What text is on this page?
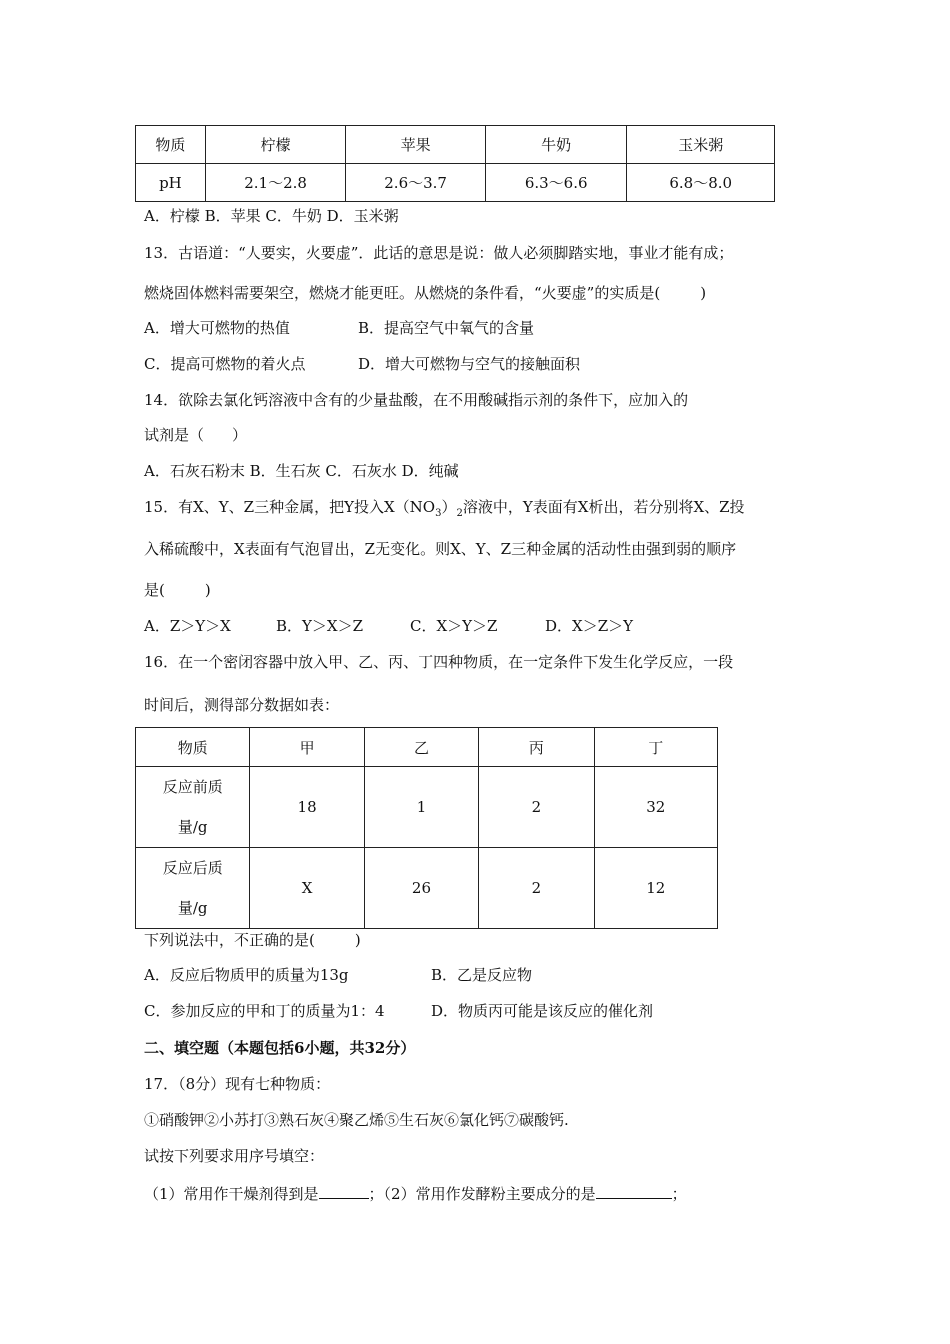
物质	柠檬	苹果	牛奶	玉米粥
pH	2.1～2.8	2.6～3.7	6.3～6.6	6.8～8.0
A．柠檬 B．苹果 C．牛奶 D．玉米粥
13．古语道：“人要实，火要虚”．此话的意思是说：做人必须脚踏实地，事业才能有成；
燃烧固体燃料需要架空，燃烧才能更旺。从燃烧的条件看，“火要虚”的实质是(	)
A．增大可燃物的热值	B．提高空气中氧气的含量
C．提高可燃物的着火点	D．增大可燃物与空气的接触面积
14．欲除去氯化钙溶液中含有的少量盐酸，在不用酸碱指示剂的条件下，应加入的
试剂是（ ）
A．石灰石粉末 B．生石灰 C．石灰水 D．纯碱
15．有X、Y、Z三种金属，把Y投入$X(NO_3)_2$溶液中，Y表面有X析出，若分别将X、Z投
入稀硫酸中，X表面有气泡冒出，Z无变化。则X、Y、Z三种金属的活动性由强到弱的顺序
是(	)
A．Z＞Y＞X	B．Y＞X＞Z	C．X＞Y＞Z	D．X＞Z＞Y
16．在一个密闭容器中放入甲、乙、丙、丁四种物质，在一定条件下发生化学反应，一段
时间后，测得部分数据如表：
物质	甲	乙	丙	丁

反应前质
量/g	18	1	2	32

反应后质
量/g	X	26	2	12
下列说法中，不正确的是(	)
A．反应后物质甲的质量为13g	B．乙是反应物
C．参加反应的甲和丁的质量为1：4	D．物质丙可能是该反应的催化剂
二、填空题（本题包括6小题，共32分）
17．（8分）现有七种物质：
①硝酸钾②小苏打③熟石灰④聚乙烯⑤生石灰⑥氯化钙⑦碳酸钙.
试按下列要求用序号填空：
（1）常用作干燥剂得到是	；（2）常用作发酵粉主要成分的是	；
